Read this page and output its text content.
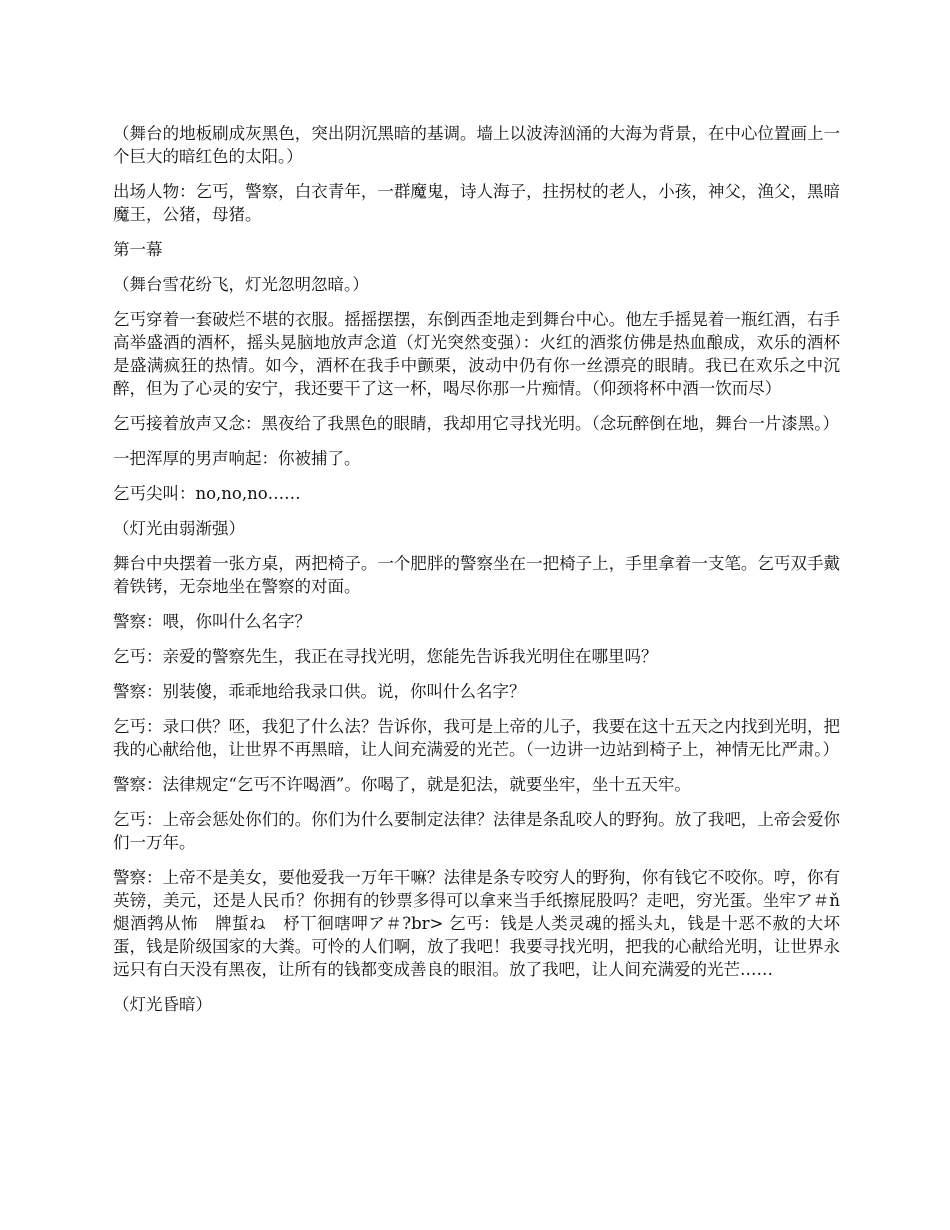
（舞台的地板刷成灰黑色，突出阴沉黑暗的基调。墙上以波涛汹涌的大海为背景，在中心位置画上一个巨大的暗红色的太阳。）

出场人物：乞丐，警察，白衣青年，一群魔鬼，诗人海子，拄拐杖的老人，小孩，神父，渔父，黑暗魔王，公猪，母猪。

第一幕

（舞台雪花纷飞，灯光忽明忽暗。）

乞丐穿着一套破烂不堪的衣服。摇摇摆摆，东倒西歪地走到舞台中心。他左手摇晃着一瓶红酒，右手高举盛酒的酒杯，摇头晃脑地放声念道（灯光突然变强）：火红的酒浆仿佛是热血酿成，欢乐的酒杯是盛满疯狂的热情。如今，酒杯在我手中颤栗，波动中仍有你一丝漂亮的眼睛。我已在欢乐之中沉醉，但为了心灵的安宁，我还要干了这一杯，喝尽你那一片痴情。（仰颈将杯中酒一饮而尽）

乞丐接着放声又念：黑夜给了我黑色的眼睛，我却用它寻找光明。（念玩醉倒在地，舞台一片漆黑。）

一把浑厚的男声响起：你被捕了。

乞丐尖叫：no,no,no……

（灯光由弱渐强）

舞台中央摆着一张方桌，两把椅子。一个肥胖的警察坐在一把椅子上，手里拿着一支笔。乞丐双手戴着铁铐，无奈地坐在警察的对面。

警察：喂，你叫什么名字？

乞丐：亲爱的警察先生，我正在寻找光明，您能先告诉我光明住在哪里吗？

警察：别装傻，乖乖地给我录口供。说，你叫什么名字？

乞丐：录口供？呸，我犯了什么法？告诉你，我可是上帝的儿子，我要在这十五天之内找到光明，把我的心献给他，让世界不再黑暗，让人间充满爱的光芒。（一边讲一边站到椅子上，神情无比严肃。）

警察：法律规定“乞丐不许喝酒”。你喝了，就是犯法，就要坐牢，坐十五天牢。

乞丐：上帝会惩处你们的。你们为什么要制定法律？法律是条乱咬人的野狗。放了我吧，上帝会爱你们一万年。

警察：上帝不是美女，要他爱我一万年干嘛？法律是条专咬穷人的野狗，你有钱它不咬你。哼，你有英镑，美元，还是人民币？你拥有的钞票多得可以拿来当手纸擦屁股吗？走吧，穷光蛋。坐牢ア＃ň　煺酒鹁从怖　牌蜇ね　杼丅徊嗐呷ア＃?br> 乞丐：钱是人类灵魂的摇头丸，钱是十恶不赦的大坏蛋，钱是阶级国家的大粪。可怜的人们啊，放了我吧！我要寻找光明，把我的心献给光明，让世界永远只有白天没有黑夜，让所有的钱都变成善良的眼泪。放了我吧，让人间充满爱的光芒……

（灯光昏暗）
